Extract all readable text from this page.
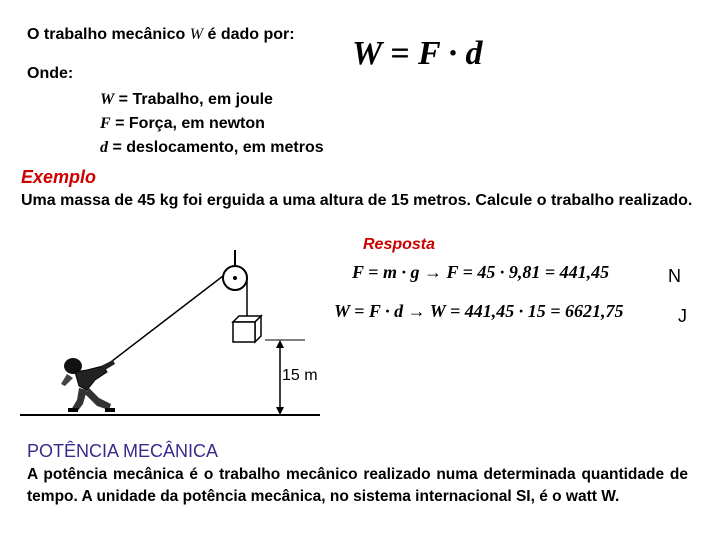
O trabalho mecânico W é dado por:
W = F · d
Onde:
W = Trabalho, em joule
F = Força, em newton
d = deslocamento, em metros
Exemplo
Uma massa de 45 kg foi erguida a uma altura de 15 metros. Calcule o trabalho realizado.
Resposta
F = m · g → F = 45 · 9,81 = 441,45	N
W = F · d → W = 441,45 · 15 = 6621,75	J
15 m
POTÊNCIA MECÂNICA
A potência mecânica é o trabalho mecânico realizado numa determinada quantidade de tempo. A unidade da potência mecânica, no sistema internacional SI, é o watt W.
